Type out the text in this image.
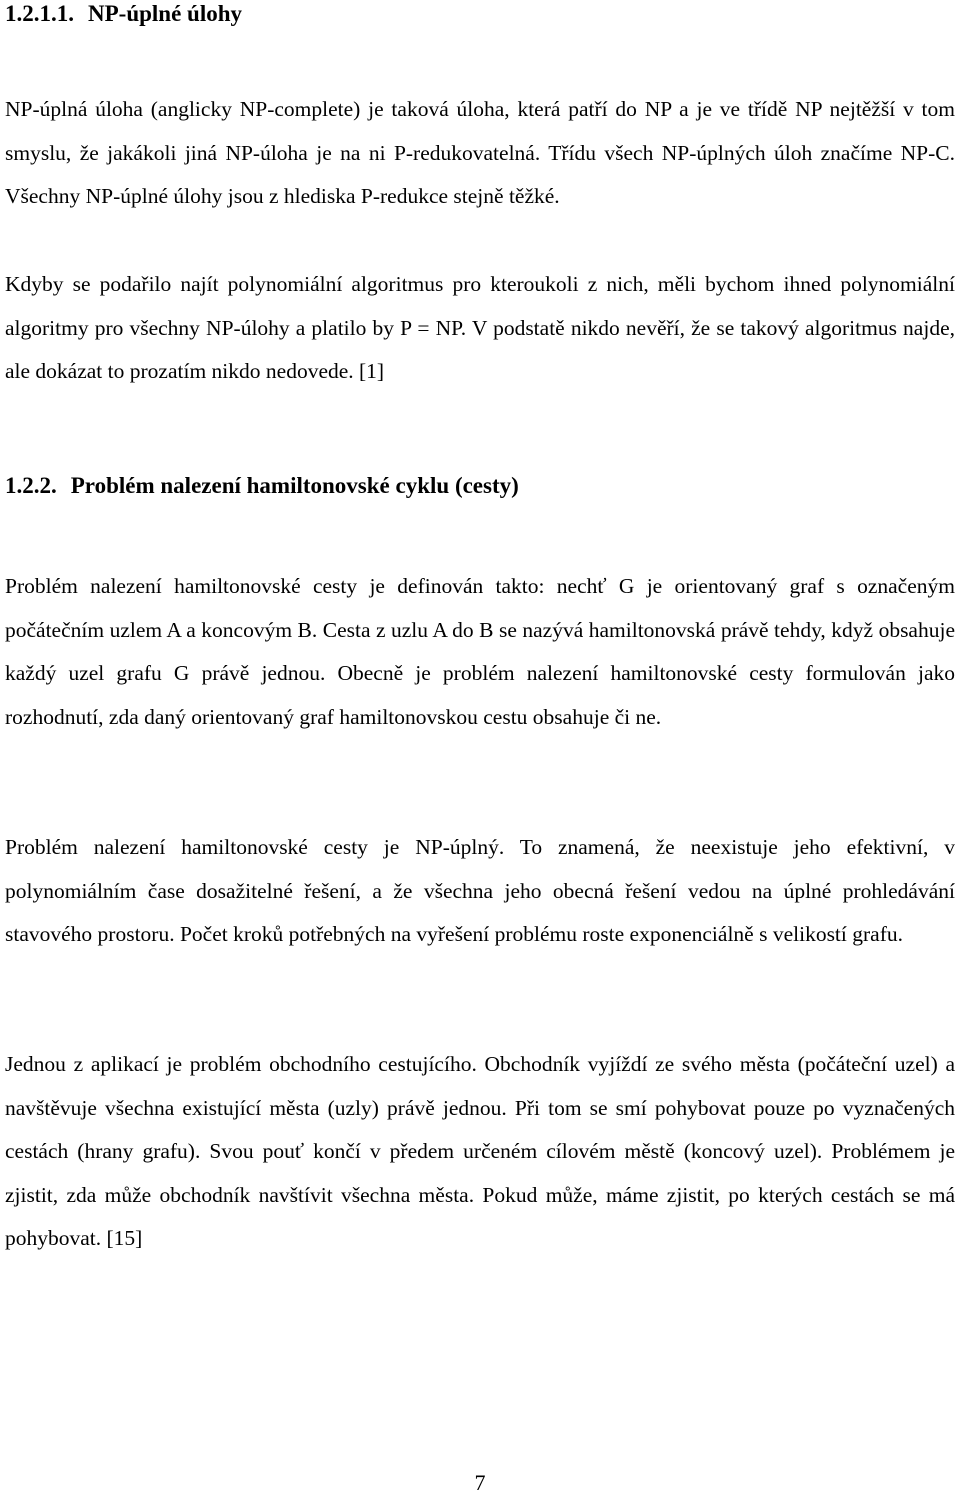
1.2.1.1. NP-úplné úlohy

NP-úplná úloha (anglicky NP-complete) je taková úloha, která patří do NP a je ve třídě NP nejtěžší v tom smyslu, že jakákoli jiná NP-úloha je na ni P-redukovatelná. Třídu všech NP-úplných úloh značíme NP-C. Všechny NP-úplné úlohy jsou z hlediska P-redukce stejně těžké.

Kdyby se podařilo najít polynomiální algoritmus pro kteroukoli z nich, měli bychom ihned polynomiální algoritmy pro všechny NP-úlohy a platilo by P = NP. V podstatě nikdo nevěří, že se takový algoritmus najde, ale dokázat to prozatím nikdo nedovede. [1]

1.2.2. Problém nalezení hamiltonovské cyklu (cesty)

Problém nalezení hamiltonovské cesty je definován takto: nechť G je orientovaný graf s označeným počátečním uzlem A a koncovým B. Cesta z uzlu A do B se nazývá hamiltonovská právě tehdy, když obsahuje každý uzel grafu G právě jednou. Obecně je problém nalezení hamiltonovské cesty formulován jako rozhodnutí, zda daný orientovaný graf hamiltonovskou cestu obsahuje či ne.

Problém nalezení hamiltonovské cesty je NP-úplný. To znamená, že neexistuje jeho efektivní, v polynomiálním čase dosažitelné řešení, a že všechna jeho obecná řešení vedou na úplné prohledávání stavového prostoru. Počet kroků potřebných na vyřešení problému roste exponenciálně s velikostí grafu.

Jednou z aplikací je problém obchodního cestujícího. Obchodník vyjíždí ze svého města (počáteční uzel) a navštěvuje všechna existující města (uzly) právě jednou. Při tom se smí pohybovat pouze po vyznačených cestách (hrany grafu). Svou pouť končí v předem určeném cílovém městě (koncový uzel). Problémem je zjistit, zda může obchodník navštívit všechna města. Pokud může, máme zjistit, po kterých cestách se má pohybovat. [15]

7
